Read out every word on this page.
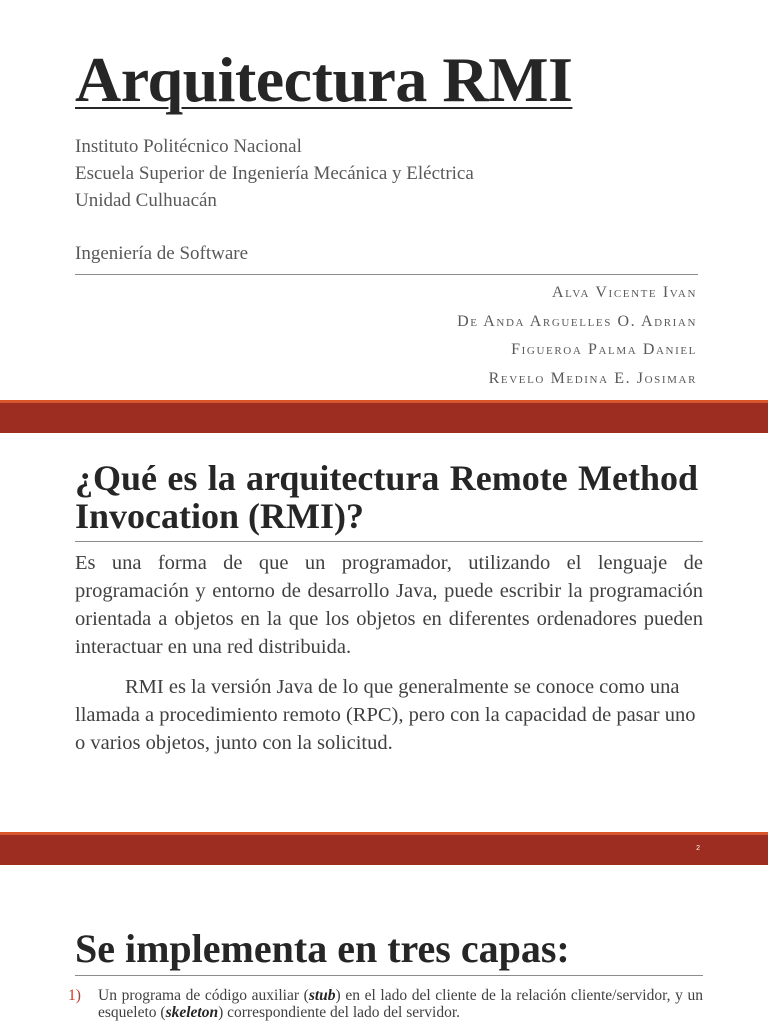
Arquitectura RMI
Instituto Politécnico Nacional
Escuela Superior de Ingeniería Mecánica y Eléctrica
Unidad Culhuacán
Ingeniería de Software
Alva Vicente Ivan
De Anda Arguelles O. Adrian
Figueroa Palma Daniel
Revelo Medina E. Josimar
¿Qué es la arquitectura Remote Method Invocation (RMI)?

Es una forma de que un programador, utilizando el lenguaje de programación y entorno de desarrollo Java, puede escribir la programación orientada a objetos en la que los objetos en diferentes ordenadores pueden interactuar en una red distribuida.

RMI es la versión Java de lo que generalmente se conoce como una llamada a procedimiento remoto (RPC), pero con la capacidad de pasar uno o varios objetos, junto con la solicitud.

2
Se implementa en tres capas:
1)	Un programa de código auxiliar (stub) en el lado del cliente de la relación cliente/servidor, y un esqueleto (skeleton) correspondiente del lado del servidor.
